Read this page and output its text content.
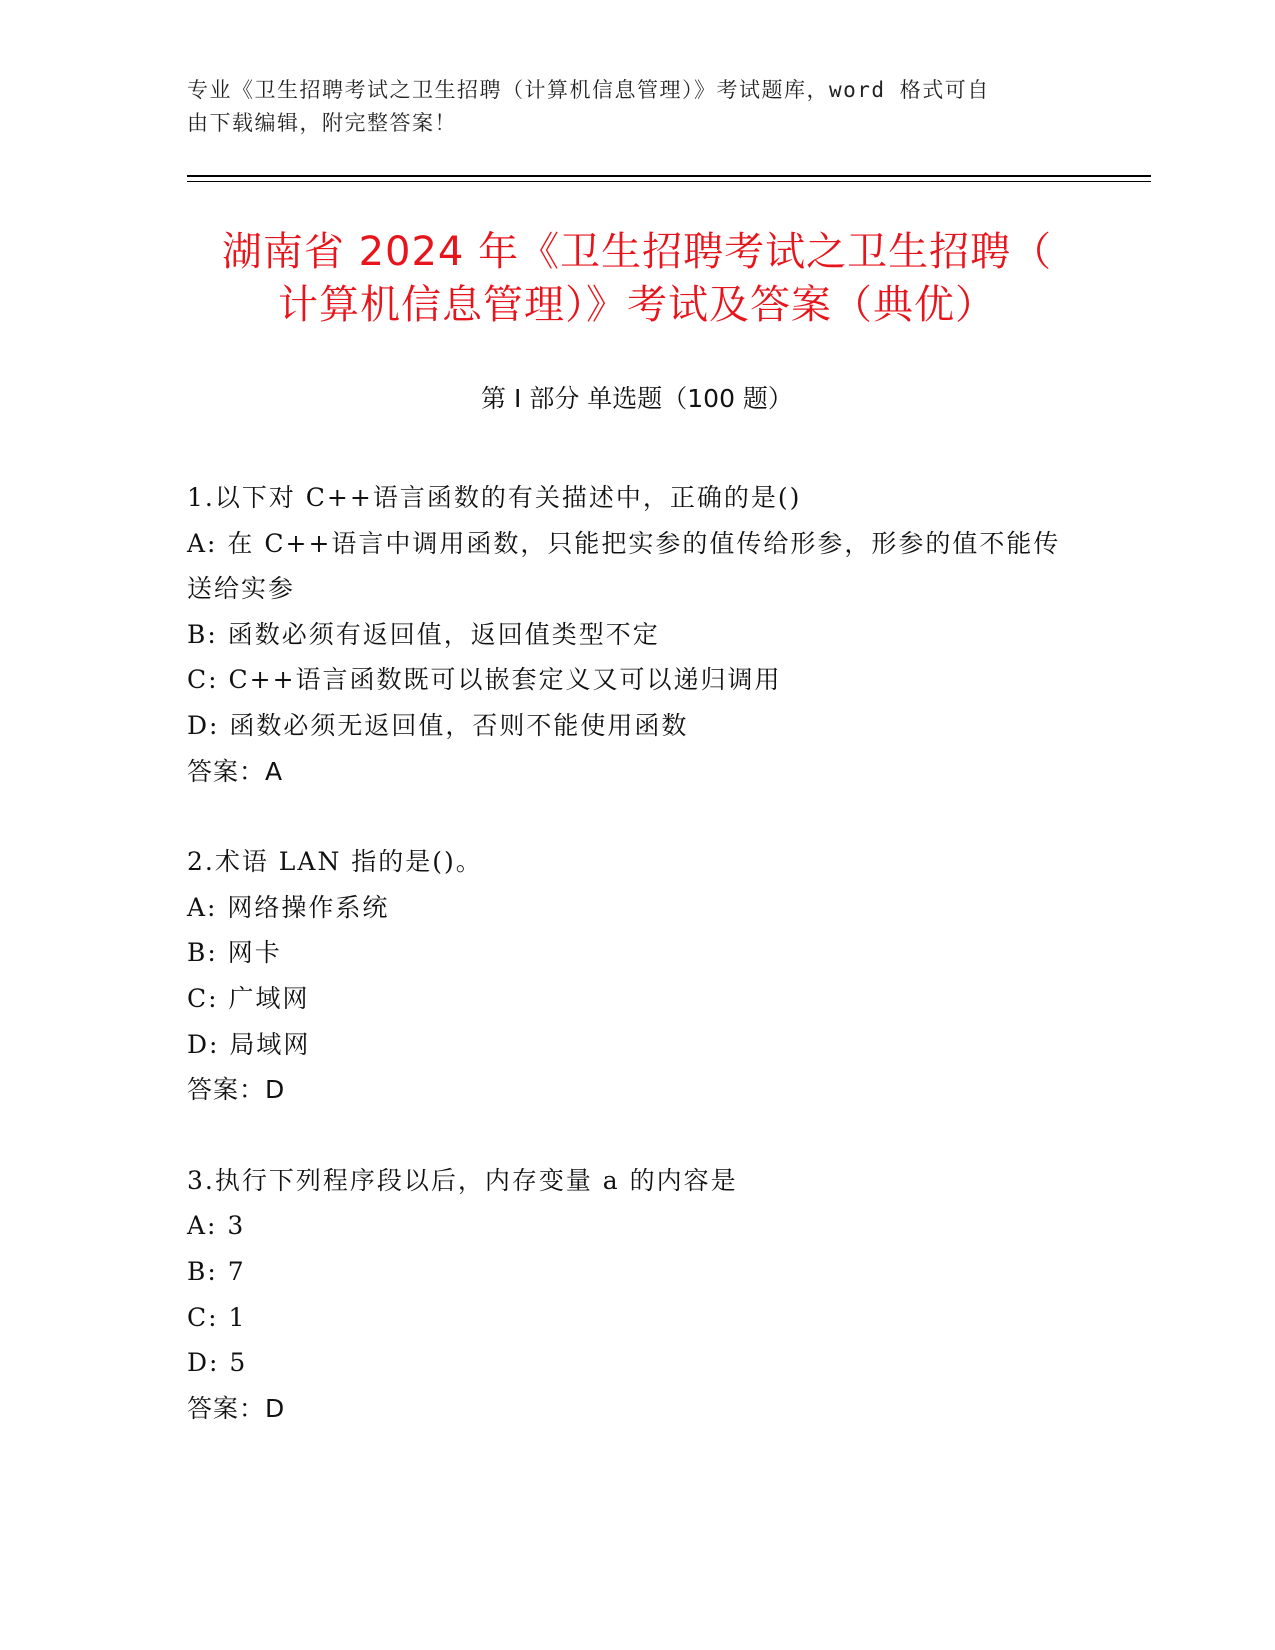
专业《卫生招聘考试之卫生招聘（计算机信息管理）》考试题库，word 格式可自
由下载编辑，附完整答案！
湖南省 2024 年《卫生招聘考试之卫生招聘（
计算机信息管理）》考试及答案（典优）
第 I 部分 单选题（100 题）
1.以下对 C++语言函数的有关描述中，正确的是()
A: 在 C++语言中调用函数，只能把实参的值传给形参，形参的值不能传送给实参
B: 函数必须有返回值，返回值类型不定
C: C++语言函数既可以嵌套定义又可以递归调用
D: 函数必须无返回值，否则不能使用函数
答案：A
2.术语 LAN 指的是()。
A: 网络操作系统
B: 网卡
C: 广域网
D: 局域网
答案：D
3.执行下列程序段以后，内存变量 a 的内容是
A: 3
B: 7
C: 1
D: 5
答案：D
